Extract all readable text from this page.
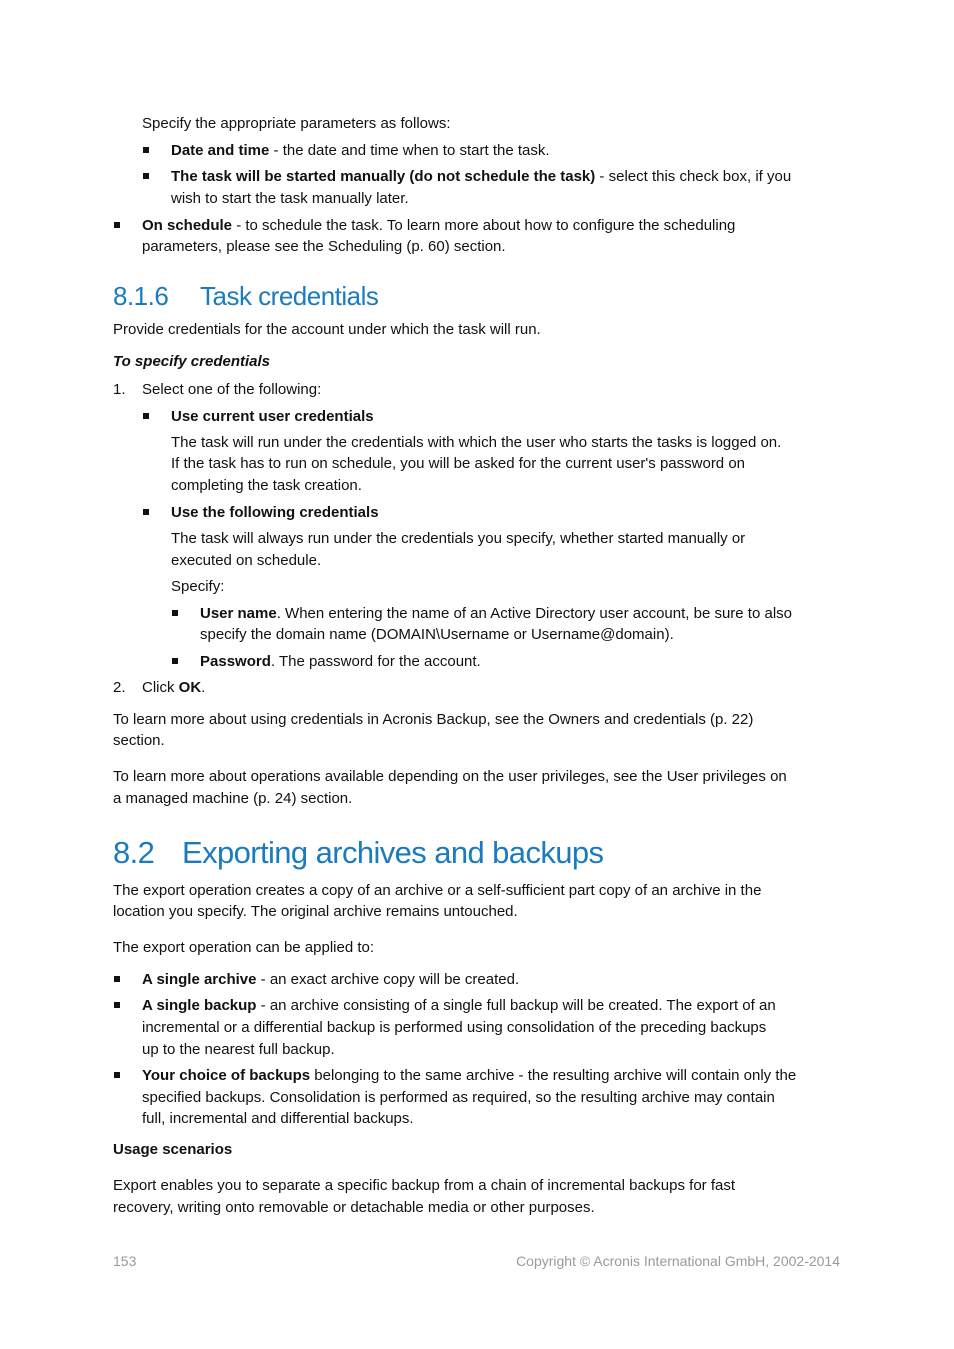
Specify the appropriate parameters as follows:

Date and time - the date and time when to start the task.

The task will be started manually (do not schedule the task) - select this check box, if you

wish to start the task manually later.

On schedule - to schedule the task. To learn more about how to configure the scheduling

parameters, please see the Scheduling (p. 60) section.

8.1.6 Task credentials

Provide credentials for the account under which the task will run.

To specify credentials

1. Select one of the following:

Use current user credentials

The task will run under the credentials with which the user who starts the tasks is logged on.

If the task has to run on schedule, you will be asked for the current user's password on

completing the task creation.

Use the following credentials

The task will always run under the credentials you specify, whether started manually or

executed on schedule.

Specify:

User name. When entering the name of an Active Directory user account, be sure to also

specify the domain name (DOMAIN\Username or Username@domain).

Password. The password for the account.

2. Click OK.

To learn more about using credentials in Acronis Backup, see the Owners and credentials (p. 22)

section.

To learn more about operations available depending on the user privileges, see the User privileges on

a managed machine (p. 24) section.

8.2 Exporting archives and backups

The export operation creates a copy of an archive or a self-sufficient part copy of an archive in the

location you specify. The original archive remains untouched.

The export operation can be applied to:

A single archive - an exact archive copy will be created.

A single backup - an archive consisting of a single full backup will be created. The export of an

incremental or a differential backup is performed using consolidation of the preceding backups

up to the nearest full backup.

Your choice of backups belonging to the same archive - the resulting archive will contain only the

specified backups. Consolidation is performed as required, so the resulting archive may contain

full, incremental and differential backups.

Usage scenarios

Export enables you to separate a specific backup from a chain of incremental backups for fast

recovery, writing onto removable or detachable media or other purposes.

153	Copyright © Acronis International GmbH, 2002-2014
